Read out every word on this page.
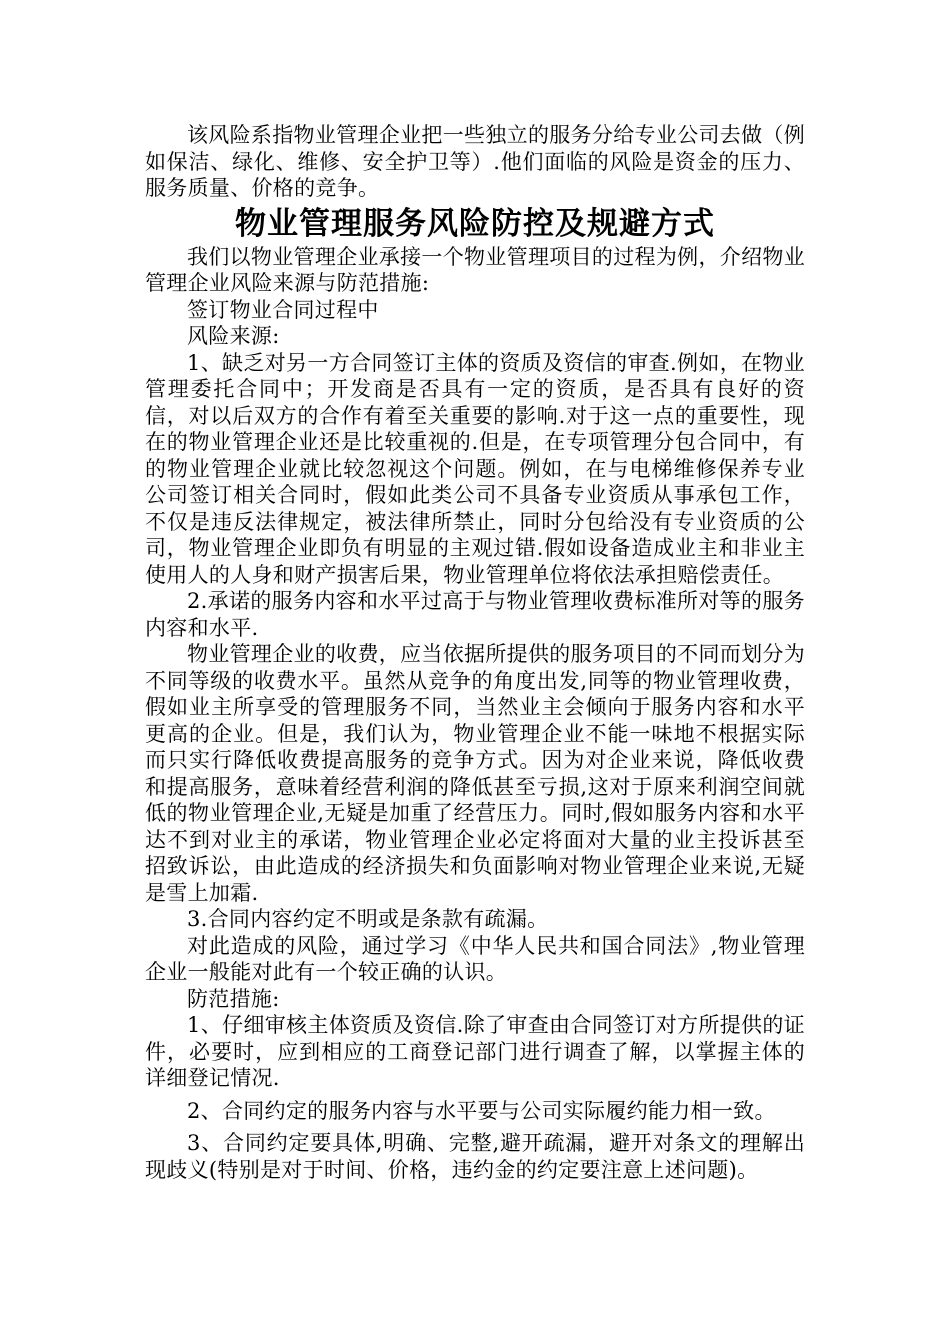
该风险系指物业管理企业把一些独立的服务分给专业公司去做（例如保洁、绿化、维修、安全护卫等）.他们面临的风险是资金的压力、服务质量、价格的竞争。

物业管理服务风险防控及规避方式

我们以物业管理企业承接一个物业管理项目的过程为例，介绍物业管理企业风险来源与防范措施:

签订物业合同过程中

风险来源:

1、缺乏对另一方合同签订主体的资质及资信的审查.例如，在物业管理委托合同中；开发商是否具有一定的资质，是否具有良好的资信，对以后双方的合作有着至关重要的影响.对于这一点的重要性，现在的物业管理企业还是比较重视的.但是，在专项管理分包合同中，有的物业管理企业就比较忽视这个问题。例如，在与电梯维修保养专业公司签订相关合同时，假如此类公司不具备专业资质从事承包工作，不仅是违反法律规定，被法律所禁止，同时分包给没有专业资质的公司，物业管理企业即负有明显的主观过错.假如设备造成业主和非业主使用人的人身和财产损害后果，物业管理单位将依法承担赔偿责任。

2.承诺的服务内容和水平过高于与物业管理收费标准所对等的服务内容和水平.

物业管理企业的收费，应当依据所提供的服务项目的不同而划分为不同等级的收费水平。虽然从竞争的角度出发,同等的物业管理收费，假如业主所享受的管理服务不同，当然业主会倾向于服务内容和水平更高的企业。但是，我们认为，物业管理企业不能一味地不根据实际而只实行降低收费提高服务的竞争方式。因为对企业来说，降低收费和提高服务，意味着经营利润的降低甚至亏损,这对于原来利润空间就低的物业管理企业,无疑是加重了经营压力。同时,假如服务内容和水平达不到对业主的承诺，物业管理企业必定将面对大量的业主投诉甚至招致诉讼，由此造成的经济损失和负面影响对物业管理企业来说,无疑是雪上加霜.

3.合同内容约定不明或是条款有疏漏。

对此造成的风险，通过学习《中华人民共和国合同法》,物业管理企业一般能对此有一个较正确的认识。

防范措施:

1、仔细审核主体资质及资信.除了审查由合同签订对方所提供的证件，必要时，应到相应的工商登记部门进行调查了解，以掌握主体的详细登记情况.

2、合同约定的服务内容与水平要与公司实际履约能力相一致。

3、合同约定要具体,明确、完整,避开疏漏，避开对条文的理解出现歧义(特别是对于时间、价格，违约金的约定要注意上述问题)。
